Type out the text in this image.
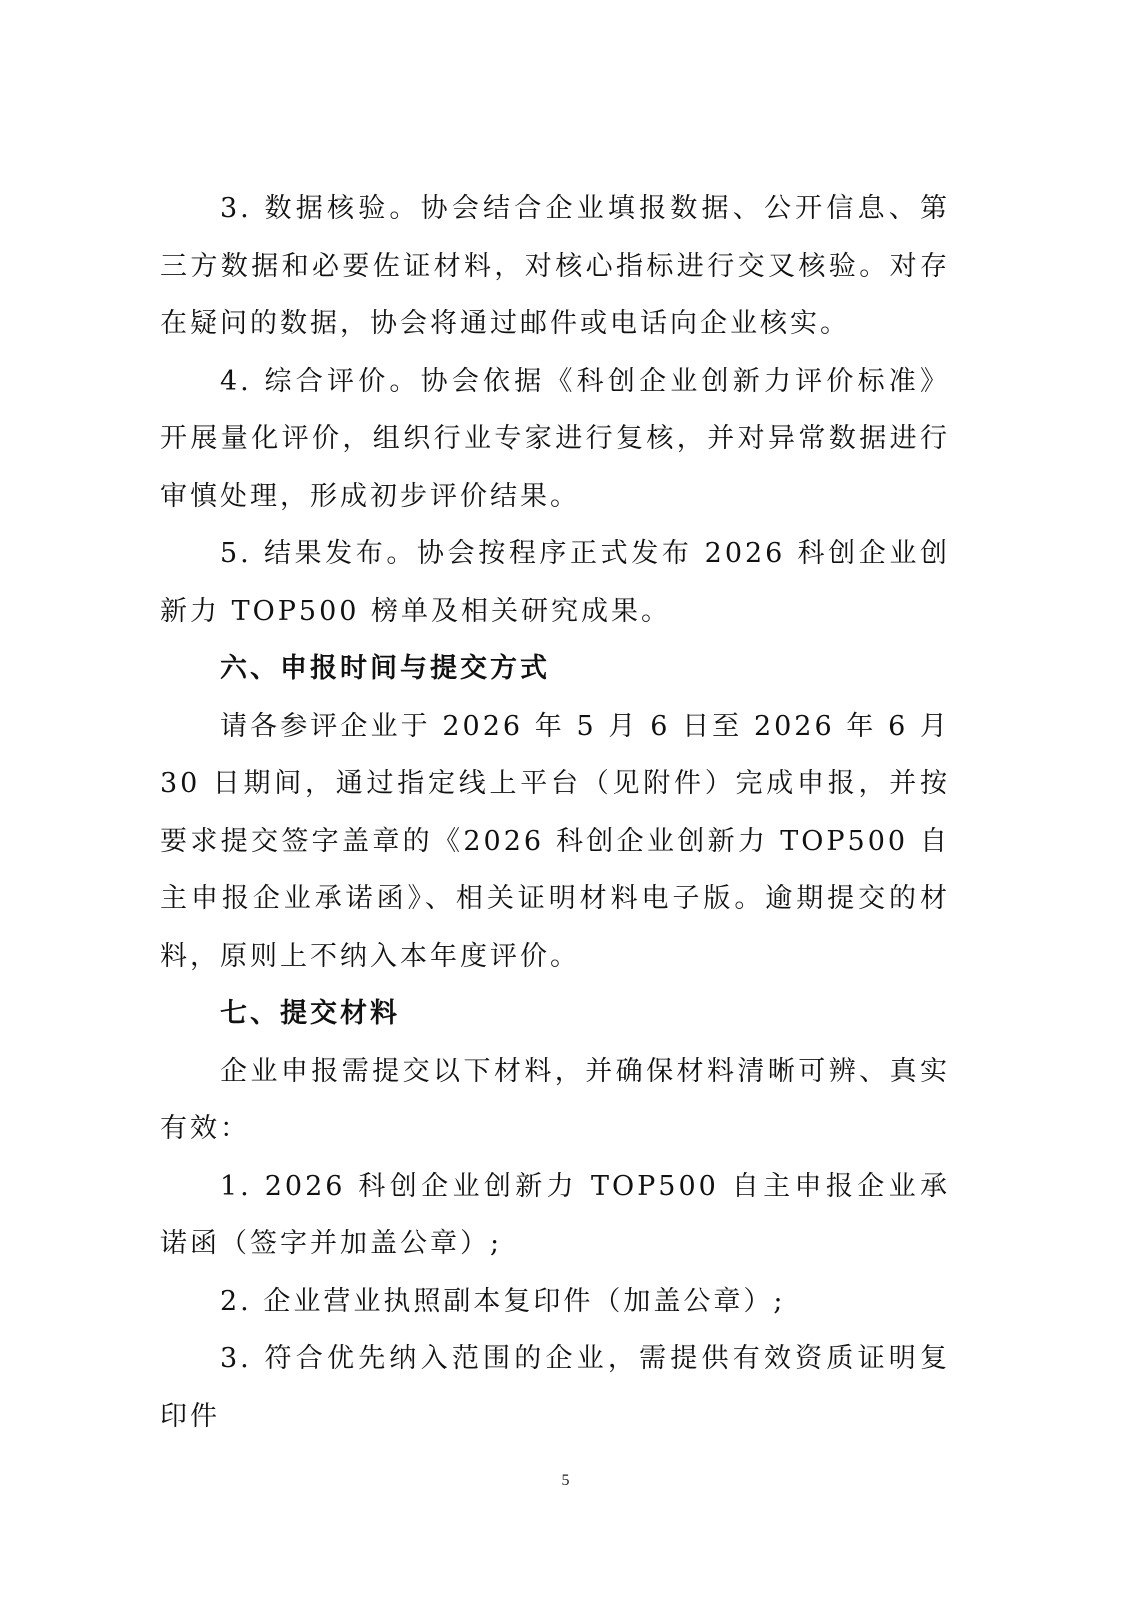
3. 数据核验。协会结合企业填报数据、公开信息、第三方数据和必要佐证材料，对核心指标进行交叉核验。对存在疑问的数据，协会将通过邮件或电话向企业核实。

4. 综合评价。协会依据《科创企业创新力评价标准》开展量化评价，组织行业专家进行复核，并对异常数据进行审慎处理，形成初步评价结果。

5. 结果发布。协会按程序正式发布 2026 科创企业创新力 TOP500 榜单及相关研究成果。

六、申报时间与提交方式

请各参评企业于 2026 年 5 月 6 日至 2026 年 6 月 30 日期间，通过指定线上平台（见附件）完成申报，并按要求提交签字盖章的《2026 科创企业创新力 TOP500 自主申报企业承诺函》、相关证明材料电子版。逾期提交的材料，原则上不纳入本年度评价。

七、提交材料

企业申报需提交以下材料，并确保材料清晰可辨、真实有效：

1. 2026 科创企业创新力 TOP500 自主申报企业承诺函（签字并加盖公章）;

2. 企业营业执照副本复印件（加盖公章）;

3. 符合优先纳入范围的企业，需提供有效资质证明复印件

5
